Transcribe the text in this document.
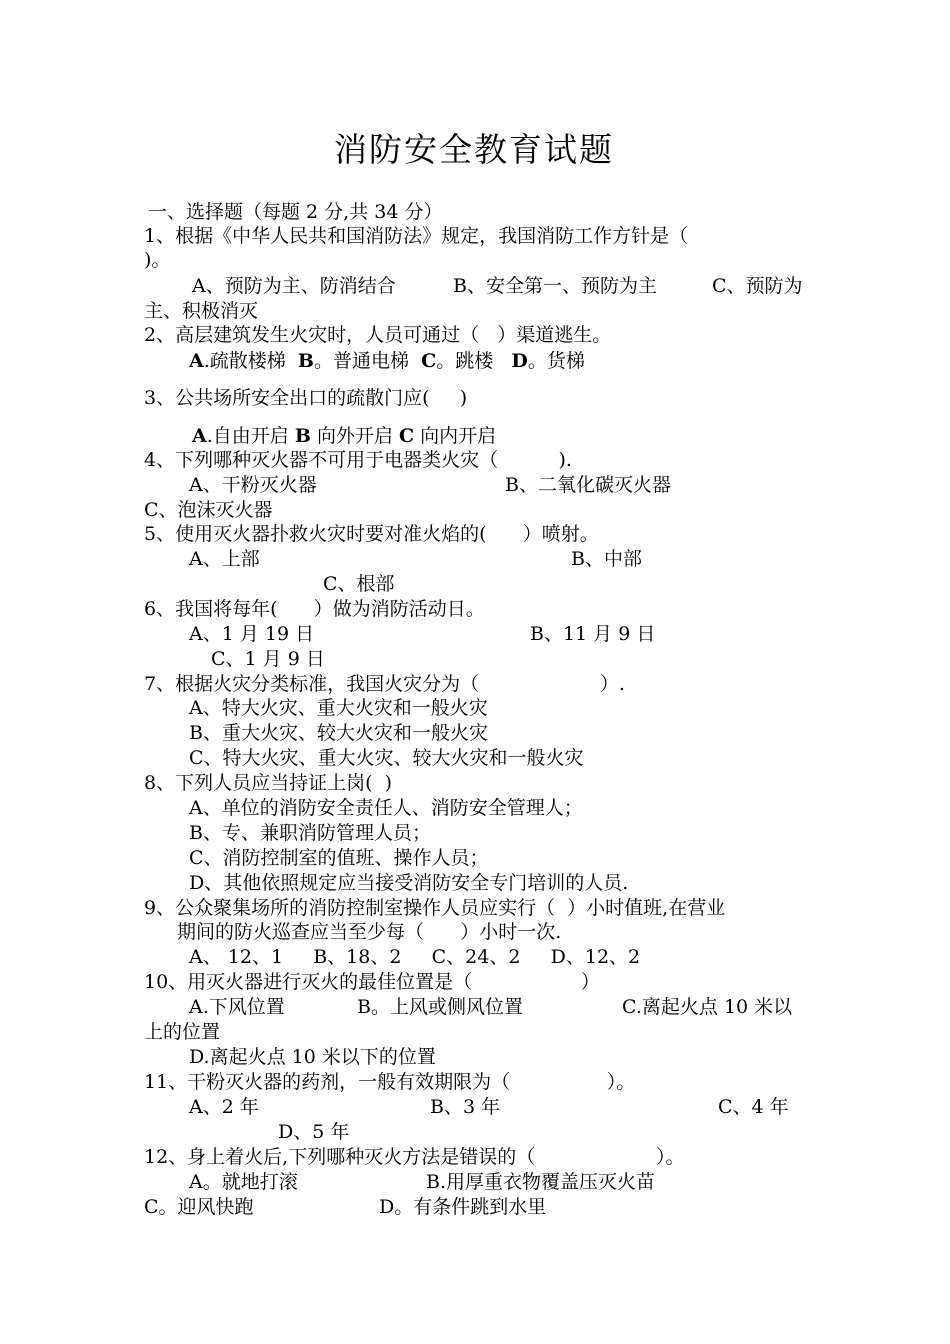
消防安全教育试题
一、选择题（每题 2 分,共 34 分）
1、根据《中华人民共和国消防法》规定，我国消防工作方针是（
)。
A、预防为主、防消结合	B、安全第一、预防为主	C、预防为
主、积极消灭
2、高层建筑发生火灾时，人员可通过（   ）渠道逃生。
A.疏散楼梯 B。普通电梯 C。跳楼 D。货梯
3、公共场所安全出口的疏散门应(     )
A.自由开启 B 向外开启 C 向内开启
4、下列哪种灭火器不可用于电器类火灾（          ).
A、干粉灭火器	B、二氧化碳灭火器
C、泡沫灭火器
5、使用灭火器扑救火灾时要对准火焰的(      ）喷射。
A、上部	B、中部
C、根部
6、我国将每年(      ）做为消防活动日。
A、1 月 19 日	B、11 月 9 日
C、1 月 9 日
7、根据火灾分类标准，我国火灾分为（                    ）.
A、特大火灾、重大火灾和一般火灾
B、重大火灾、较大火灾和一般火灾
C、特大火灾、重大火灾、较大火灾和一般火灾
8、下列人员应当持证上岗(  )
A、单位的消防安全责任人、消防安全管理人；
B、专、兼职消防管理人员；
C、消防控制室的值班、操作人员；
D、其他依照规定应当接受消防安全专门培训的人员.
9、公众聚集场所的消防控制室操作人员应实行（  ）小时值班,在营业
期间的防火巡查应当至少每（      ）小时一次.
A、 12、1     B、18、2     C、24、2     D、12、2
10、用灭火器进行灭火的最佳位置是（                  ）
A.下风位置	B。上风或侧风位置	C.离起火点 10 米以
上的位置
D.离起火点 10 米以下的位置
11、干粉灭火器的药剂，一般有效期限为（                ）。
A、2 年	B、3 年	C、4 年
D、5 年
12、身上着火后,下列哪种灭火方法是错误的（                    ）。
A。就地打滚	B.用厚重衣物覆盖压灭火苗
C。迎风快跑	D。有条件跳到水里
